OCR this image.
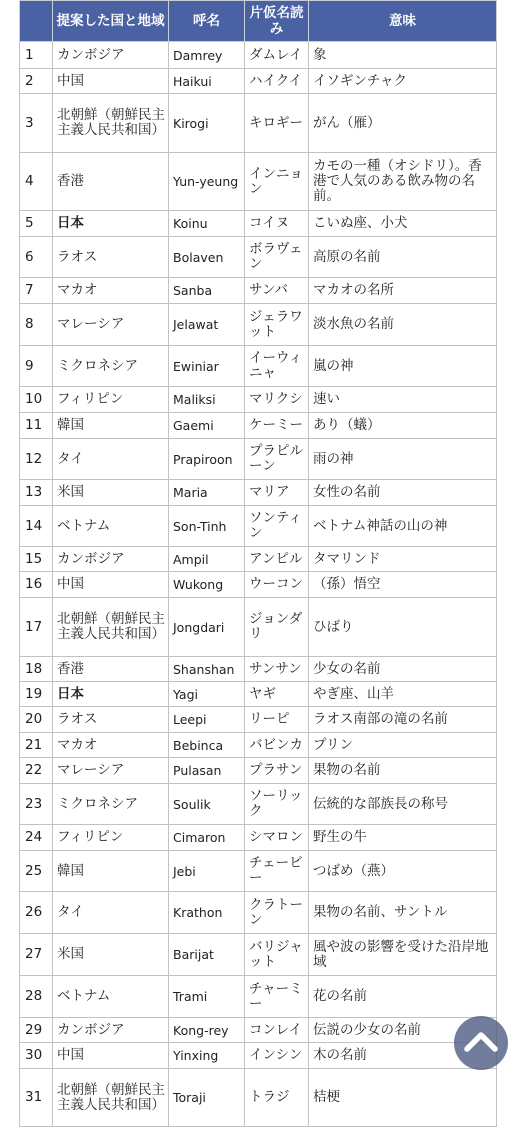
	提案した国と地域	呼名	片仮名読み	意味
1	カンボジア	Damrey	ダムレイ	象
2	中国	Haikui	ハイクイ	イソギンチャク
3	北朝鮮（朝鮮民主主義人民共和国）	Kirogi	キロギー	がん（雁）
4	香港	Yun-yeung	インニョン	カモの一種（オシドリ）。香港で人気のある飲み物の名前。
5	日本	Koinu	コイヌ	こいぬ座、小犬
6	ラオス	Bolaven	ボラヴェン	高原の名前
7	マカオ	Sanba	サンバ	マカオの名所
8	マレーシア	Jelawat	ジェラワット	淡水魚の名前
9	ミクロネシア	Ewiniar	イーウィニャ	嵐の神
10	フィリピン	Maliksi	マリクシ	速い
11	韓国	Gaemi	ケーミー	あり（蟻）
12	タイ	Prapiroon	プラピルーン	雨の神
13	米国	Maria	マリア	女性の名前
14	ベトナム	Son-Tinh	ソンティン	ベトナム神話の山の神
15	カンボジア	Ampil	アンピル	タマリンド
16	中国	Wukong	ウーコン	（孫）悟空
17	北朝鮮（朝鮮民主主義人民共和国）	Jongdari	ジョンダリ	ひばり
18	香港	Shanshan	サンサン	少女の名前
19	日本	Yagi	ヤギ	やぎ座、山羊
20	ラオス	Leepi	リーピ	ラオス南部の滝の名前
21	マカオ	Bebinca	バビンカ	プリン
22	マレーシア	Pulasan	プラサン	果物の名前
23	ミクロネシア	Soulik	ソーリック	伝統的な部族長の称号
24	フィリピン	Cimaron	シマロン	野生の牛
25	韓国	Jebi	チェービー	つばめ（燕）
26	タイ	Krathon	クラトーン	果物の名前、サントル
27	米国	Barijat	バリジャット	風や波の影響を受けた沿岸地域
28	ベトナム	Trami	チャーミー	花の名前
29	カンボジア	Kong-rey	コンレイ	伝説の少女の名前
30	中国	Yinxing	インシン	木の名前
31	北朝鮮（朝鮮民主主義人民共和国）	Toraji	トラジ	桔梗
